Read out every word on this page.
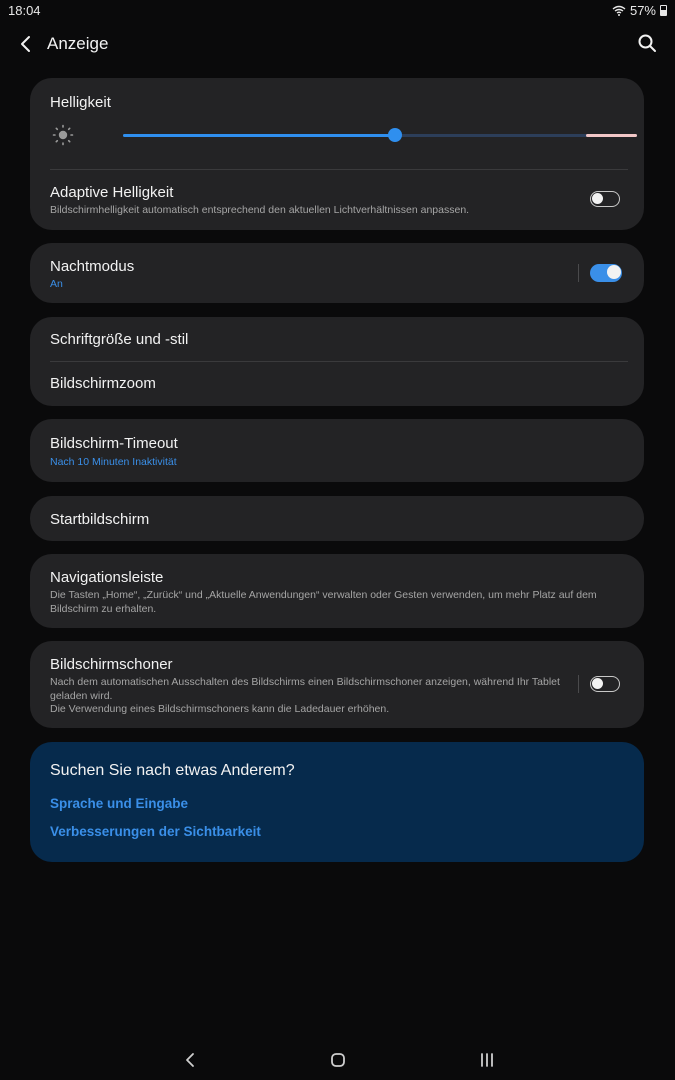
18:04	57%
Anzeige
Helligkeit
Adaptive Helligkeit
Bildschirmhelligkeit automatisch entsprechend den aktuellen Lichtverhältnissen anpassen.
Nachtmodus
An
Schriftgröße und -stil
Bildschirmzoom
Bildschirm-Timeout
Nach 10 Minuten Inaktivität
Startbildschirm
Navigationsleiste
Die Tasten „Home“, „Zurück“ und „Aktuelle Anwendungen“ verwalten oder Gesten verwenden, um mehr Platz auf dem Bildschirm zu erhalten.
Bildschirmschoner
Nach dem automatischen Ausschalten des Bildschirms einen Bildschirmschoner anzeigen, während Ihr Tablet geladen wird.
Die Verwendung eines Bildschirmschoners kann die Ladedauer erhöhen.
Suchen Sie nach etwas Anderem?
Sprache und Eingabe
Verbesserungen der Sichtbarkeit
